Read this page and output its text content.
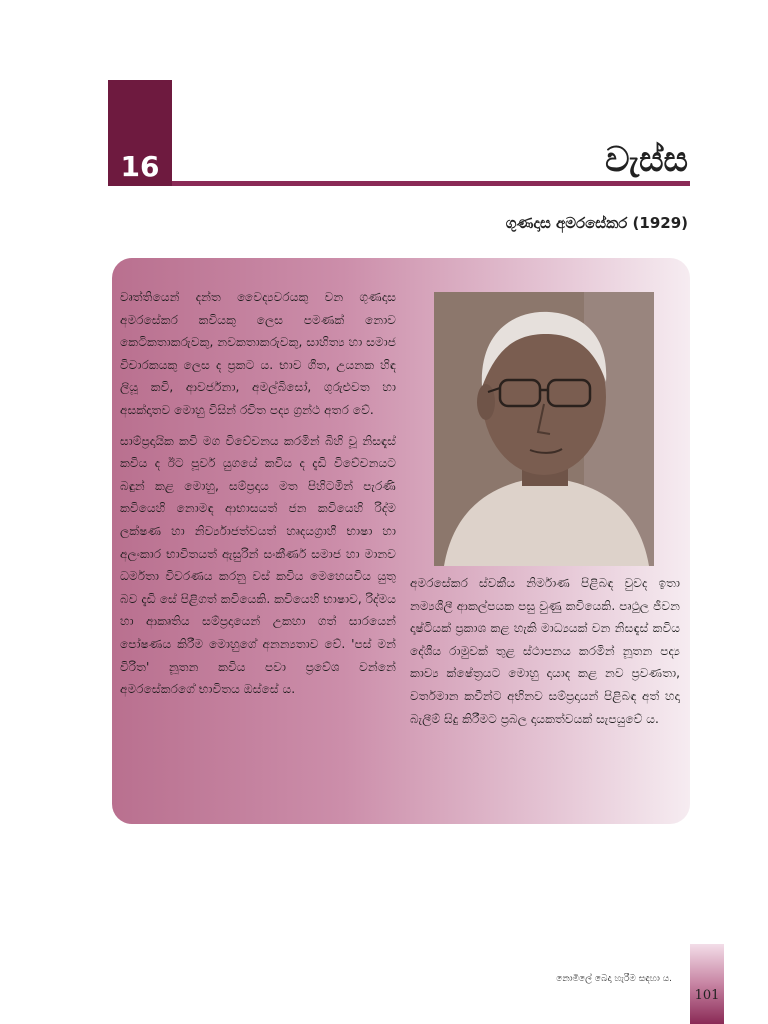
16	වැස්ස
ගුණදාස අමරසේකර (1929)

වෘත්තියෙන් දන්ත වෛද්‍යවරයකු වන ගුණදාස අමරසේකර කවියකු ලෙස පමණක් නොව කෙටිකතාකරුවකු, නවකතාකරුවකු, සාහිත්‍ය හා සමාජ විචාරකයකු ලෙස ද ප්‍රකට ය. භාව ගීත, උයනක හිඳ ලියූ කවි, ආවර්ජනා, අමල්බිසෝ, ගුරුළුවත හා අසක්දෘතව මොහු විසින් රචිත පද්‍ය ග්‍රන්ථ අතර වේ.

සාම්ප්‍රදායික කවි මග විවේචනය කරමින් බිහි වූ නිසඳැස් කවිය ද ඊට පූර්ව යුගයේ කවිය ද දැඩි විවේචනයට බඳුන් කළ මොහු, සම්ප්‍රදාය මත පිහිටමින් පැරණි කවියෙහි නොමඳ ආභාසයත් ජන කවියෙහි රිද්ම ලක්ෂණ හා නිර්ව්‍යාජත්වයත් හෘදයග්‍රාහී භාෂා හා අලංකාර භාවිතයත් ඇසුරින් සංකීර්ණ සමාජ හා මානව ධර්මතා විවරණය කරනු වස් කවිය මෙහෙයවිය යුතු බව දැඩි සේ පිළිගත් කවියෙකි. කවියෙහි භාෂාව, රිද්මය හා ආකෘතිය සම්ප්‍රදායෙන් උකහා ගත් සාරයෙන් පෝෂණය කිරීම මොහුගේ අනන්‍යතාව වේ. 'පස් මන් විරිත' නූතන කවිය පවා ප්‍රවේශ වන්නේ අමරසේකරගේ භාවිතය ඔස්සේ ය.

අමරසේකර ස්වකීය නිර්මාණ පිළිබඳ වුවද ඉතා නම්‍යශීලී ආකල්පයක පසු වුණු කවියෙකි. පෘථුල ජීවන දෘෂ්ටියක් ප්‍රකාශ කළ හැකි මාධ්‍යයක් වන නිසඳැස් කවිය දේශීය රාමුවක් තුළ ස්ථාපනය කරමින් නූතන පද්‍ය කාව්‍ය ක්ෂේත්‍රයට මොහු දායාද කළ නව ප්‍රවණතා, වර්තමාන කවීන්ට අභිනව සම්ප්‍රදායන් පිළිබඳ අත් හදා බැලීම් සිදු කිරීමට ප්‍රබල දායකත්වයක් සැපයුවේ ය.

නොමිලේ බෙදා හැරීම සඳහා ය.
101
